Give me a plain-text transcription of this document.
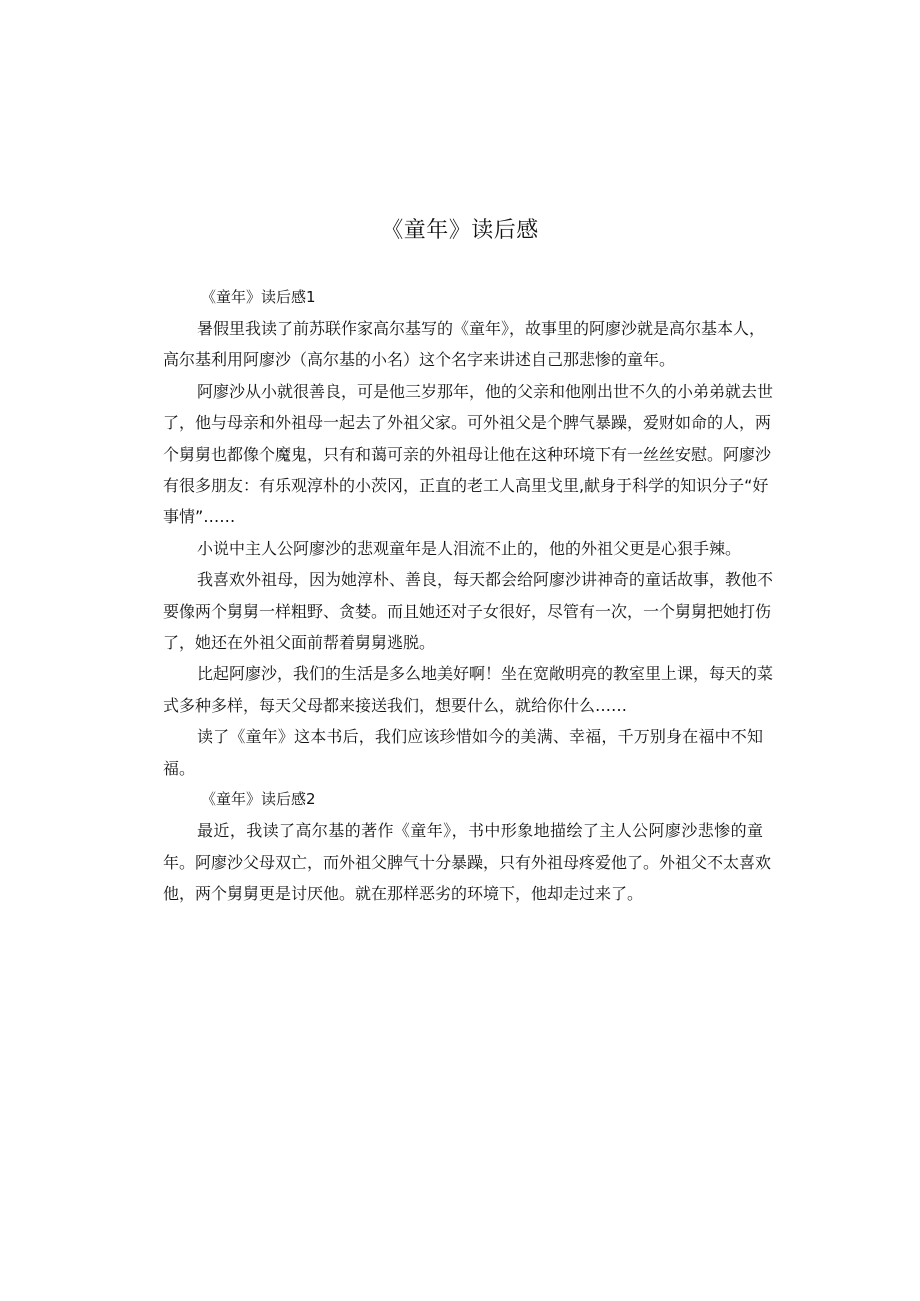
《童年》读后感
《童年》读后感1
暑假里我读了前苏联作家高尔基写的《童年》，故事里的阿廖沙就是高尔基本人，
高尔基利用阿廖沙（高尔基的小名）这个名字来讲述自己那悲惨的童年。
阿廖沙从小就很善良，可是他三岁那年，他的父亲和他刚出世不久的小弟弟就去世
了，他与母亲和外祖母一起去了外祖父家。可外祖父是个脾气暴躁，爱财如命的人，两
个舅舅也都像个魔鬼，只有和蔼可亲的外祖母让他在这种环境下有一丝丝安慰。阿廖沙
有很多朋友：有乐观淳朴的小茨冈，正直的老工人高里戈里,献身于科学的知识分子“好
事情”……
小说中主人公阿廖沙的悲观童年是人泪流不止的，他的外祖父更是心狠手辣。
我喜欢外祖母，因为她淳朴、善良，每天都会给阿廖沙讲神奇的童话故事，教他不
要像两个舅舅一样粗野、贪婪。而且她还对子女很好，尽管有一次，一个舅舅把她打伤
了，她还在外祖父面前帮着舅舅逃脱。
比起阿廖沙，我们的生活是多么地美好啊！坐在宽敞明亮的教室里上课，每天的菜
式多种多样，每天父母都来接送我们，想要什么，就给你什么……
读了《童年》这本书后，我们应该珍惜如今的美满、幸福，千万别身在福中不知
福。
《童年》读后感2
最近，我读了高尔基的著作《童年》，书中形象地描绘了主人公阿廖沙悲惨的童
年。阿廖沙父母双亡，而外祖父脾气十分暴躁，只有外祖母疼爱他了。外祖父不太喜欢
他，两个舅舅更是讨厌他。就在那样恶劣的环境下，他却走过来了。
